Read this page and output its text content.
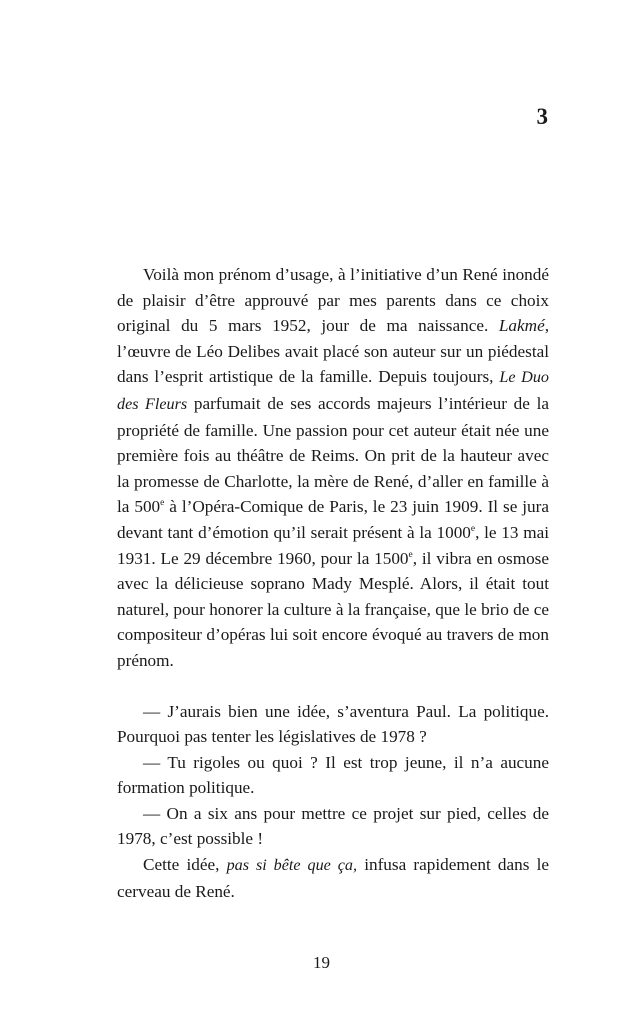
3

Voilà mon prénom d’usage, à l’initiative d’un René inondé de plaisir d’être approuvé par mes parents dans ce choix original du 5 mars 1952, jour de ma naissance. Lakmé, l’œuvre de Léo Delibes avait placé son auteur sur un piédestal dans l’esprit artistique de la famille. Depuis toujours, Le Duo des Fleurs parfumait de ses accords majeurs l’intérieur de la propriété de famille. Une passion pour cet auteur était née une première fois au théâtre de Reims. On prit de la hauteur avec la promesse de Charlotte, la mère de René, d’aller en famille à la 500e à l’Opéra-Comique de Paris, le 23 juin 1909. Il se jura devant tant d’émotion qu’il serait présent à la 1000e, le 13 mai 1931. Le 29 décembre 1960, pour la 1500e, il vibra en osmose avec la délicieuse soprano Mady Mesplé. Alors, il était tout naturel, pour honorer la culture à la française, que le brio de ce compositeur d’opéras lui soit encore évoqué au travers de mon prénom.

— J’aurais bien une idée, s’aventura Paul. La politique. Pourquoi pas tenter les législatives de 1978 ?

— Tu rigoles ou quoi ? Il est trop jeune, il n’a aucune formation politique.

— On a six ans pour mettre ce projet sur pied, celles de 1978, c’est possible !

Cette idée, pas si bête que ça, infusa rapidement dans le cerveau de René.

19
